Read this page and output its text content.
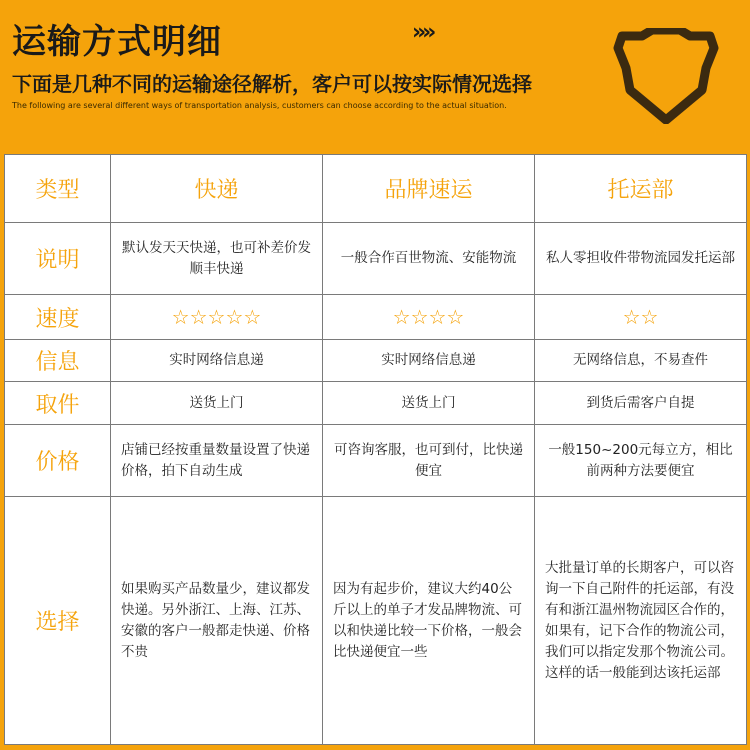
运输方式明细	››››
下面是几种不同的运输途径解析，客户可以按实际情况选择
The following are several different ways of transportation analysis, customers can choose according to the actual situation.
类型	快递	品牌速运	托运部
说明	默认发天天快递，也可补差价发顺丰快递	一般合作百世物流、安能物流	私人零担收件带物流园发托运部
速度	☆☆☆☆☆	☆☆☆☆	☆☆
信息	实时网络信息递	实时网络信息递	无网络信息，不易查件
取件	送货上门	送货上门	到货后需客户自提
价格	店铺已经按重量数量设置了快递价格，拍下自动生成	可咨询客服，也可到付，比快递便宜	一般150~200元每立方，相比前两种方法要便宜
选择	如果购买产品数量少，建议都发快递。另外浙江、上海、江苏、安徽的客户一般都走快递、价格不贵	因为有起步价，建议大约40公斤以上的单子才发品牌物流、可以和快递比较一下价格，一般会比快递便宜一些	大批量订单的长期客户，可以咨询一下自己附件的托运部，有没有和浙江温州物流园区合作的，如果有，记下合作的物流公司，我们可以指定发那个物流公司。这样的话一般能到达该托运部
